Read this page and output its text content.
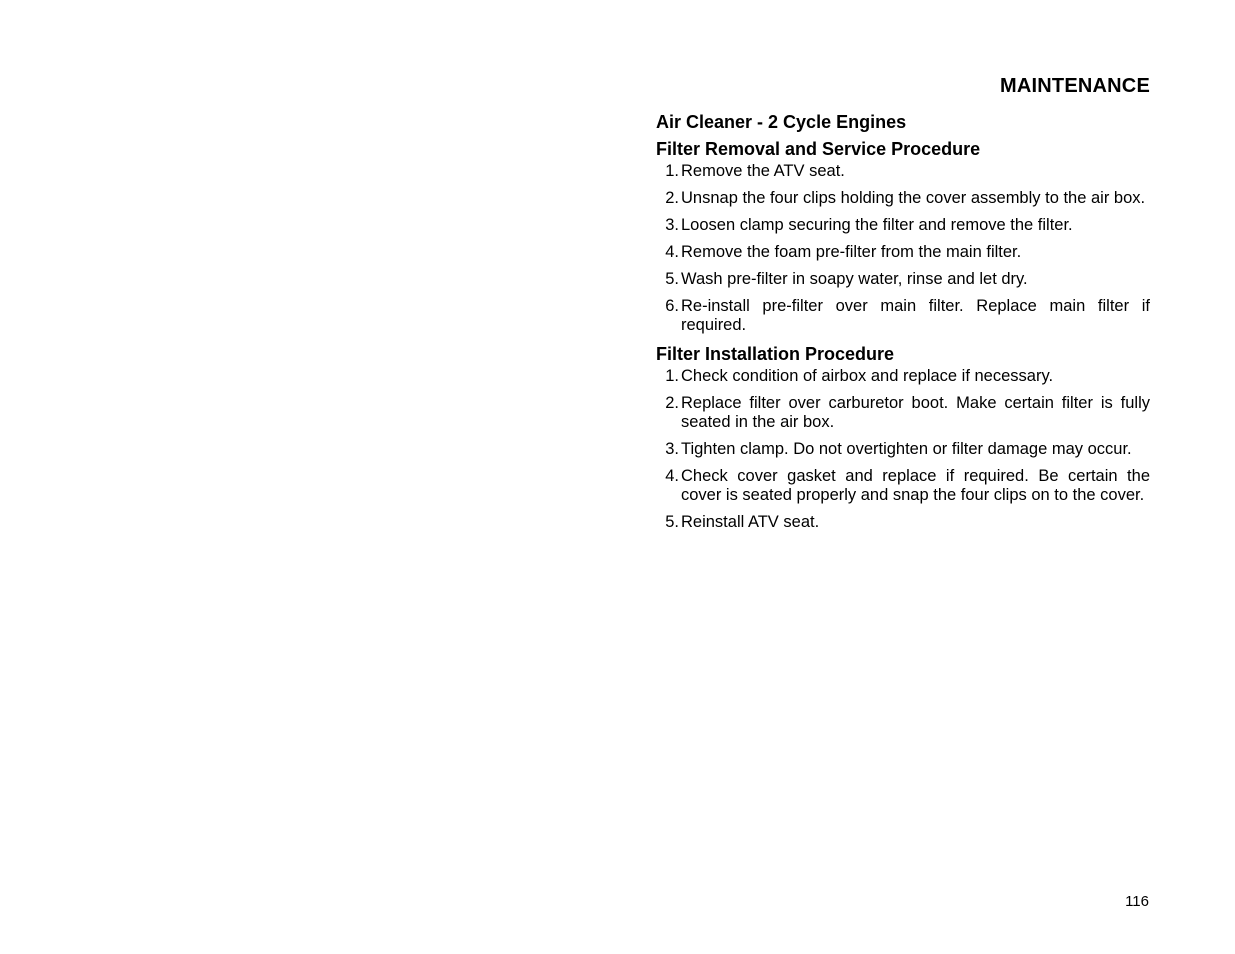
MAINTENANCE
Air Cleaner - 2 Cycle Engines
Filter Removal and Service Procedure
1. Remove the ATV seat.
2. Unsnap the four clips holding the cover assembly to the air box.
3. Loosen clamp securing the filter and remove the filter.
4. Remove the foam pre-filter from the main filter.
5. Wash pre-filter in soapy water, rinse and let dry.
6. Re-install pre-filter over main filter. Replace main filter if required.
Filter Installation Procedure
1. Check condition of airbox and replace if necessary.
2. Replace filter over carburetor boot. Make certain filter is fully seated in the air box.
3. Tighten clamp. Do not overtighten or filter damage may occur.
4. Check cover gasket and replace if required. Be certain the cover is seated properly and snap the four clips on to the cover.
5. Reinstall ATV seat.
116
